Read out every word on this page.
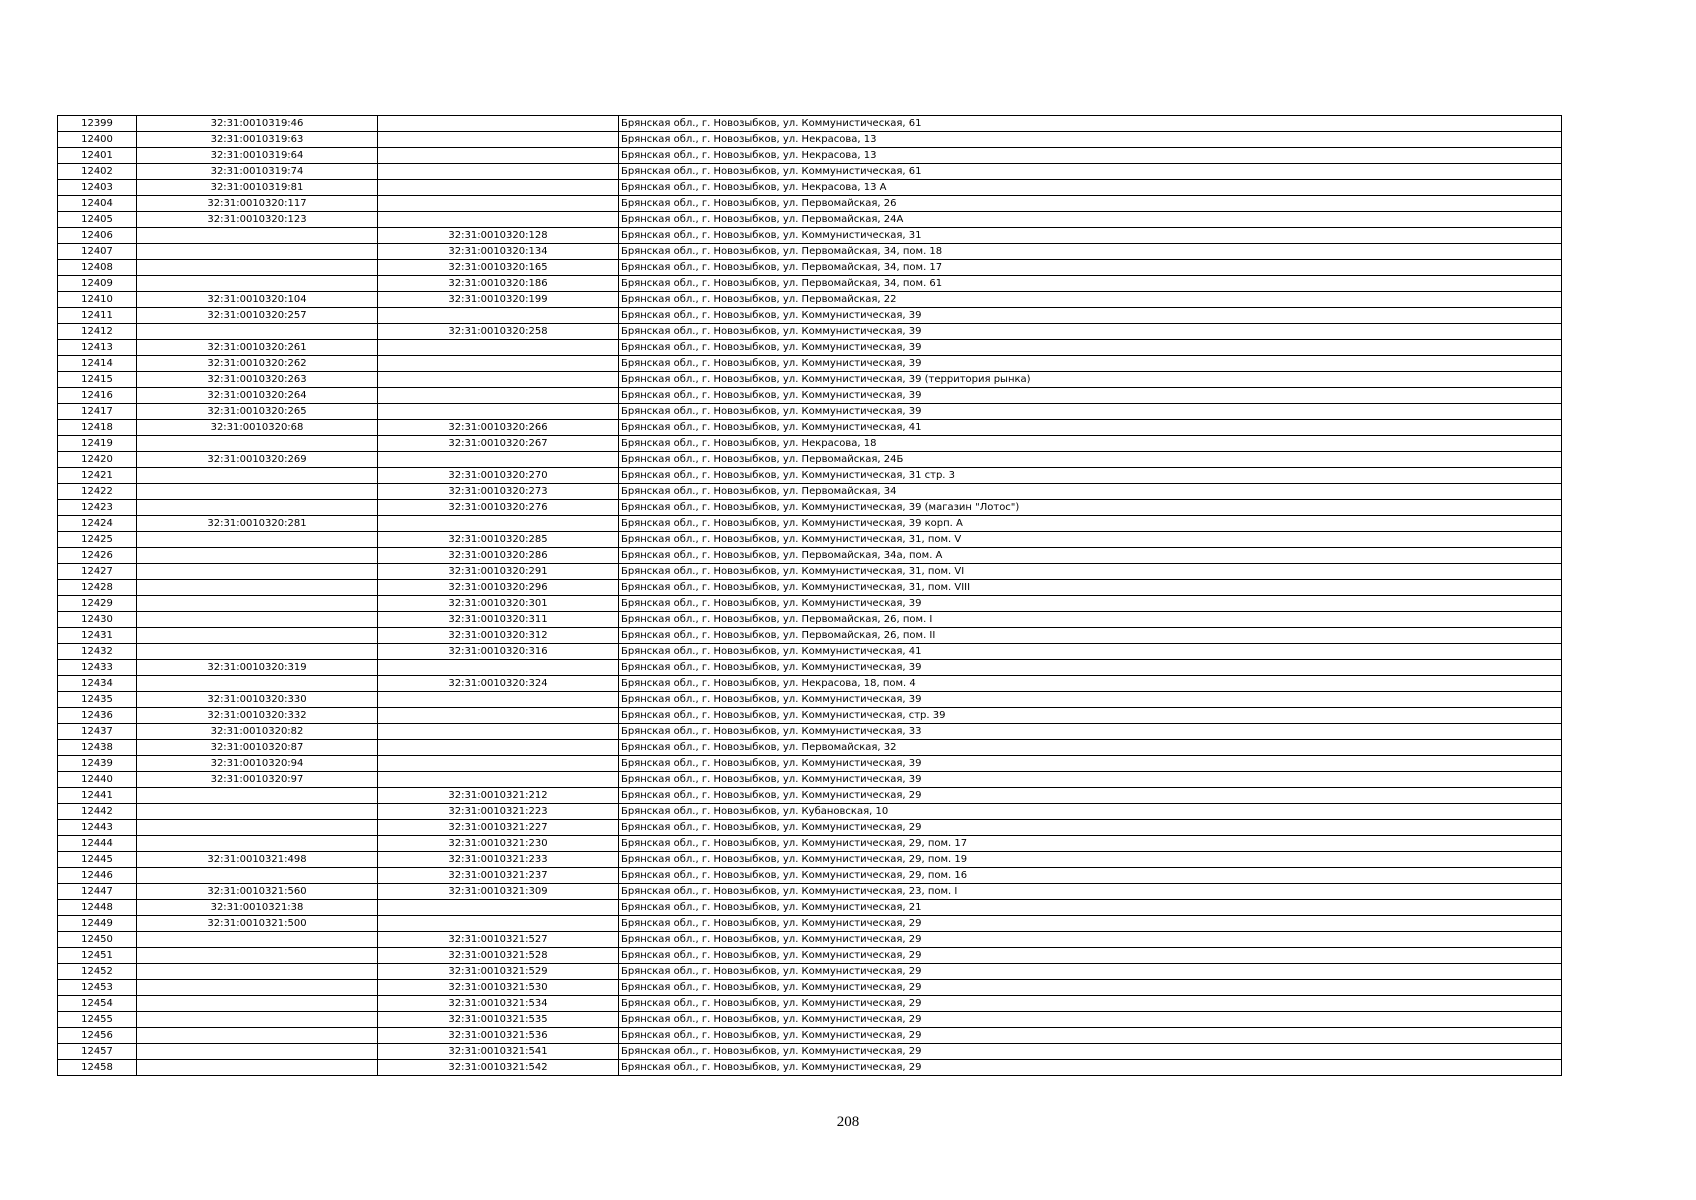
12399	32:31:0010319:46		Брянская обл., г. Новозыбков, ул. Коммунистическая, 61
12400	32:31:0010319:63		Брянская обл., г. Новозыбков, ул. Некрасова, 13
12401	32:31:0010319:64		Брянская обл., г. Новозыбков, ул. Некрасова, 13
12402	32:31:0010319:74		Брянская обл., г. Новозыбков, ул. Коммунистическая, 61
12403	32:31:0010319:81		Брянская обл., г. Новозыбков, ул. Некрасова, 13 А
12404	32:31:0010320:117		Брянская обл., г. Новозыбков, ул. Первомайская, 26
12405	32:31:0010320:123		Брянская обл., г. Новозыбков, ул. Первомайская, 24А
12406		32:31:0010320:128	Брянская обл., г. Новозыбков, ул. Коммунистическая, 31
12407		32:31:0010320:134	Брянская обл., г. Новозыбков, ул. Первомайская, 34, пом. 18
12408		32:31:0010320:165	Брянская обл., г. Новозыбков, ул. Первомайская, 34, пом. 17
12409		32:31:0010320:186	Брянская обл., г. Новозыбков, ул. Первомайская, 34, пом. 61
12410	32:31:0010320:104	32:31:0010320:199	Брянская обл., г. Новозыбков, ул. Первомайская, 22
12411	32:31:0010320:257		Брянская обл., г. Новозыбков, ул. Коммунистическая, 39
12412		32:31:0010320:258	Брянская обл., г. Новозыбков, ул. Коммунистическая, 39
12413	32:31:0010320:261		Брянская обл., г. Новозыбков, ул. Коммунистическая, 39
12414	32:31:0010320:262		Брянская обл., г. Новозыбков, ул. Коммунистическая, 39
12415	32:31:0010320:263		Брянская обл., г. Новозыбков, ул. Коммунистическая, 39 (территория рынка)
12416	32:31:0010320:264		Брянская обл., г. Новозыбков, ул. Коммунистическая, 39
12417	32:31:0010320:265		Брянская обл., г. Новозыбков, ул. Коммунистическая, 39
12418	32:31:0010320:68	32:31:0010320:266	Брянская обл., г. Новозыбков, ул. Коммунистическая, 41
12419		32:31:0010320:267	Брянская обл., г. Новозыбков, ул. Некрасова, 18
12420	32:31:0010320:269		Брянская обл., г. Новозыбков, ул. Первомайская, 24Б
12421		32:31:0010320:270	Брянская обл., г. Новозыбков, ул. Коммунистическая, 31 стр. 3
12422		32:31:0010320:273	Брянская обл., г. Новозыбков, ул. Первомайская, 34
12423		32:31:0010320:276	Брянская обл., г. Новозыбков, ул. Коммунистическая, 39 (магазин "Лотос")
12424	32:31:0010320:281		Брянская обл., г. Новозыбков, ул. Коммунистическая, 39 корп. А
12425		32:31:0010320:285	Брянская обл., г. Новозыбков, ул. Коммунистическая, 31, пом. V
12426		32:31:0010320:286	Брянская обл., г. Новозыбков, ул. Первомайская, 34а, пом. А
12427		32:31:0010320:291	Брянская обл., г. Новозыбков, ул. Коммунистическая, 31, пом. VI
12428		32:31:0010320:296	Брянская обл., г. Новозыбков, ул. Коммунистическая, 31, пом. VIII
12429		32:31:0010320:301	Брянская обл., г. Новозыбков, ул. Коммунистическая, 39
12430		32:31:0010320:311	Брянская обл., г. Новозыбков, ул. Первомайская, 26, пом. I
12431		32:31:0010320:312	Брянская обл., г. Новозыбков, ул. Первомайская, 26, пом. II
12432		32:31:0010320:316	Брянская обл., г. Новозыбков, ул. Коммунистическая, 41
12433	32:31:0010320:319		Брянская обл., г. Новозыбков, ул. Коммунистическая, 39
12434		32:31:0010320:324	Брянская обл., г. Новозыбков, ул. Некрасова, 18, пом. 4
12435	32:31:0010320:330		Брянская обл., г. Новозыбков, ул. Коммунистическая, 39
12436	32:31:0010320:332		Брянская обл., г. Новозыбков, ул. Коммунистическая, стр. 39
12437	32:31:0010320:82		Брянская обл., г. Новозыбков, ул. Коммунистическая, 33
12438	32:31:0010320:87		Брянская обл., г. Новозыбков, ул. Первомайская, 32
12439	32:31:0010320:94		Брянская обл., г. Новозыбков, ул. Коммунистическая, 39
12440	32:31:0010320:97		Брянская обл., г. Новозыбков, ул. Коммунистическая, 39
12441		32:31:0010321:212	Брянская обл., г. Новозыбков, ул. Коммунистическая, 29
12442		32:31:0010321:223	Брянская обл., г. Новозыбков, ул. Кубановская, 10
12443		32:31:0010321:227	Брянская обл., г. Новозыбков, ул. Коммунистическая, 29
12444		32:31:0010321:230	Брянская обл., г. Новозыбков, ул. Коммунистическая, 29, пом. 17
12445	32:31:0010321:498	32:31:0010321:233	Брянская обл., г. Новозыбков, ул. Коммунистическая, 29, пом. 19
12446		32:31:0010321:237	Брянская обл., г. Новозыбков, ул. Коммунистическая, 29, пом. 16
12447	32:31:0010321:560	32:31:0010321:309	Брянская обл., г. Новозыбков, ул. Коммунистическая, 23, пом. I
12448	32:31:0010321:38		Брянская обл., г. Новозыбков, ул. Коммунистическая, 21
12449	32:31:0010321:500		Брянская обл., г. Новозыбков, ул. Коммунистическая, 29
12450		32:31:0010321:527	Брянская обл., г. Новозыбков, ул. Коммунистическая, 29
12451		32:31:0010321:528	Брянская обл., г. Новозыбков, ул. Коммунистическая, 29
12452		32:31:0010321:529	Брянская обл., г. Новозыбков, ул. Коммунистическая, 29
12453		32:31:0010321:530	Брянская обл., г. Новозыбков, ул. Коммунистическая, 29
12454		32:31:0010321:534	Брянская обл., г. Новозыбков, ул. Коммунистическая, 29
12455		32:31:0010321:535	Брянская обл., г. Новозыбков, ул. Коммунистическая, 29
12456		32:31:0010321:536	Брянская обл., г. Новозыбков, ул. Коммунистическая, 29
12457		32:31:0010321:541	Брянская обл., г. Новозыбков, ул. Коммунистическая, 29
12458		32:31:0010321:542	Брянская обл., г. Новозыбков, ул. Коммунистическая, 29
208
